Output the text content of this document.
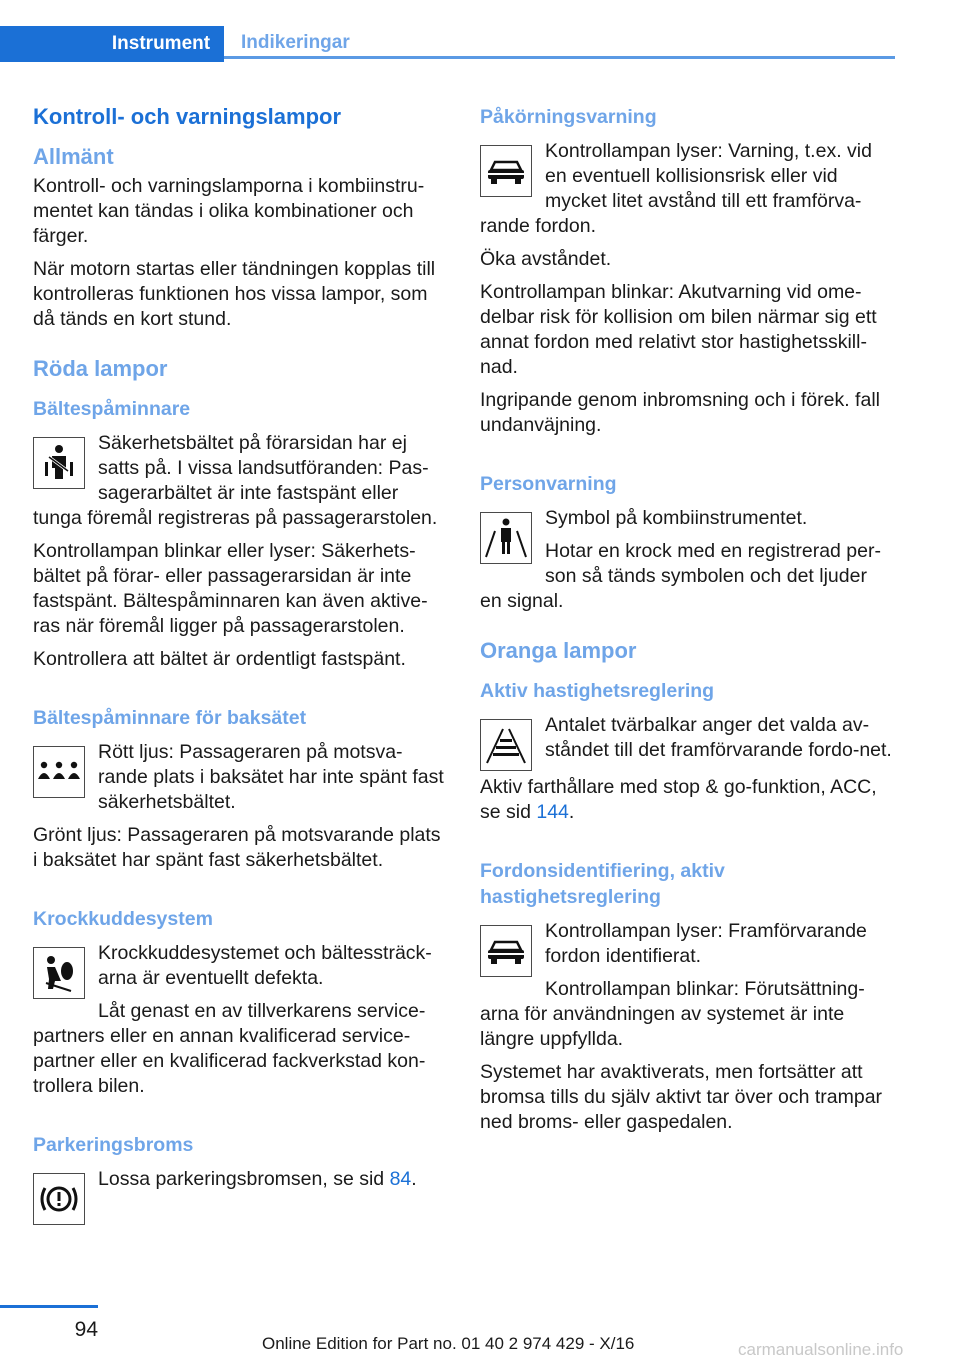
Instrument	Indikeringar
Kontroll- och varningslampor
Allmänt

Kontroll- och varningslamporna i kombiinstru-mentet kan tändas i olika kombinationer och färger.

När motorn startas eller tändningen kopplas till kontrolleras funktionen hos vissa lampor, som då tänds en kort stund.

Röda lampor
Bältespåminnare

Säkerhetsbältet på förarsidan har ej satts på. I vissa landsutföranden: Pas-sagerarbältet är inte fastspänt eller tunga föremål registreras på passagerarstolen.

Kontrollampan blinkar eller lyser: Säkerhets-bältet på förar- eller passagerarsidan är inte fastspänt. Bältespåminnaren kan även aktive-ras när föremål ligger på passagerarstolen.

Kontrollera att bältet är ordentligt fastspänt.

Bältespåminnare för baksätet

Rött ljus: Passageraren på motsva-rande plats i baksätet har inte spänt fast säkerhetsbältet.

Grönt ljus: Passageraren på motsvarande plats i baksätet har spänt fast säkerhetsbältet.

Krockkuddesystem

Krockkuddesystemet och bältessträck-arna är eventuellt defekta.

Låt genast en av tillverkarens service-partners eller en annan kvalificerad service-partner eller en kvalificerad fackverkstad kon-trollera bilen.

Parkeringsbroms

Lossa parkeringsbromsen, se sid 84.

Påkörningsvarning

Kontrollampan lyser: Varning, t.ex. vid en eventuell kollisionsrisk eller vid mycket litet avstånd till ett framförva-rande fordon.

Öka avståndet.

Kontrollampan blinkar: Akutvarning vid ome-delbar risk för kollision om bilen närmar sig ett annat fordon med relativt stor hastighetsskill-nad.

Ingripande genom inbromsning och i förek. fall undanväjning.

Personvarning

Symbol på kombiinstrumentet.

Hotar en krock med en registrerad per-son så tänds symbolen och det ljuder en signal.

Oranga lampor
Aktiv hastighetsreglering

Antalet tvärbalkar anger det valda av-ståndet till det framförvarande fordo-net.

Aktiv farthållare med stop & go-funktion, ACC, se sid 144.

Fordonsidentifiering, aktiv hastighetsreglering

Kontrollampan lyser: Framförvarande fordon identifierat.

Kontrollampan blinkar: Förutsättning-arna för användningen av systemet är inte längre uppfyllda.

Systemet har avaktiverats, men fortsätter att bromsa tills du själv aktivt tar över och trampar ned broms- eller gaspedalen.

94
Online Edition for Part no. 01 40 2 974 429 - X/16	carmanualsonline.info
